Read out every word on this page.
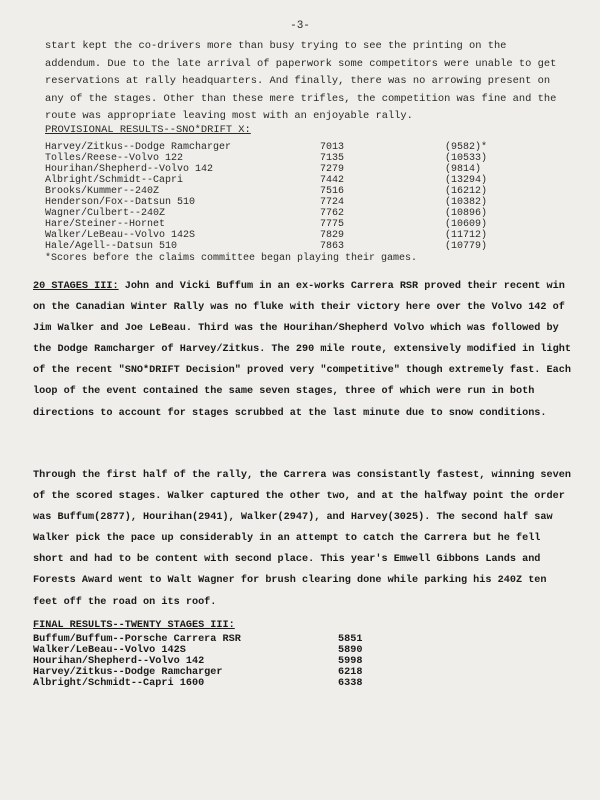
-3-
start kept the co-drivers more than busy trying to see the printing on the addendum. Due to the late arrival of paperwork some competitors were unable to get reservations at rally headquarters. And finally, there was no arrowing present on any of the stages. Other than these mere trifles, the competition was fine and the route was appropriate leaving most with an enjoyable rally.
PROVISIONAL RESULTS--SNO*DRIFT X:
Harvey/Zitkus--Dodge Ramcharger	7013	(9582)*
Tolles/Reese--Volvo 122	7135	(10533)
Hourihan/Shepherd--Volvo 142	7279	(9814)
Albright/Schmidt--Capri	7442	(13294)
Brooks/Kummer--240Z	7516	(16212)
Henderson/Fox--Datsun 510	7724	(10382)
Wagner/Culbert--240Z	7762	(10896)
Hare/Steiner--Hornet	7775	(10609)
Walker/LeBeau--Volvo 142S	7829	(11712)
Hale/Agell--Datsun 510	7863	(10779)
*Scores before the claims committee began playing their games.
20 STAGES III: John and Vicki Buffum in an ex-works Carrera RSR proved their recent win on the Canadian Winter Rally was no fluke with their victory here over the Volvo 142 of Jim Walker and Joe LeBeau. Third was the Hourihan/Shepherd Volvo which was followed by the Dodge Ramcharger of Harvey/Zitkus. The 290 mile route, extensively modified in light of the recent "SNO*DRIFT Decision" proved very "competitive" though extremely fast. Each loop of the event contained the same seven stages, three of which were run in both directions to account for stages scrubbed at the last minute due to snow conditions.
Through the first half of the rally, the Carrera was consistantly fastest, winning seven of the scored stages. Walker captured the other two, and at the halfway point the order was Buffum(2877), Hourihan(2941), Walker(2947), and Harvey(3025). The second half saw Walker pick the pace up considerably in an attempt to catch the Carrera but he fell short and had to be content with second place. This year's Emwell Gibbons Lands and Forests Award went to Walt Wagner for brush clearing done while parking his 240Z ten feet off the road on its roof.
FINAL RESULTS--TWENTY STAGES III:
Buffum/Buffum--Porsche Carrera RSR	5851
Walker/LeBeau--Volvo 142S	5890
Hourihan/Shepherd--Volvo 142	5998
Harvey/Zitkus--Dodge Ramcharger	6218
Albright/Schmidt--Capri 1600	6338
